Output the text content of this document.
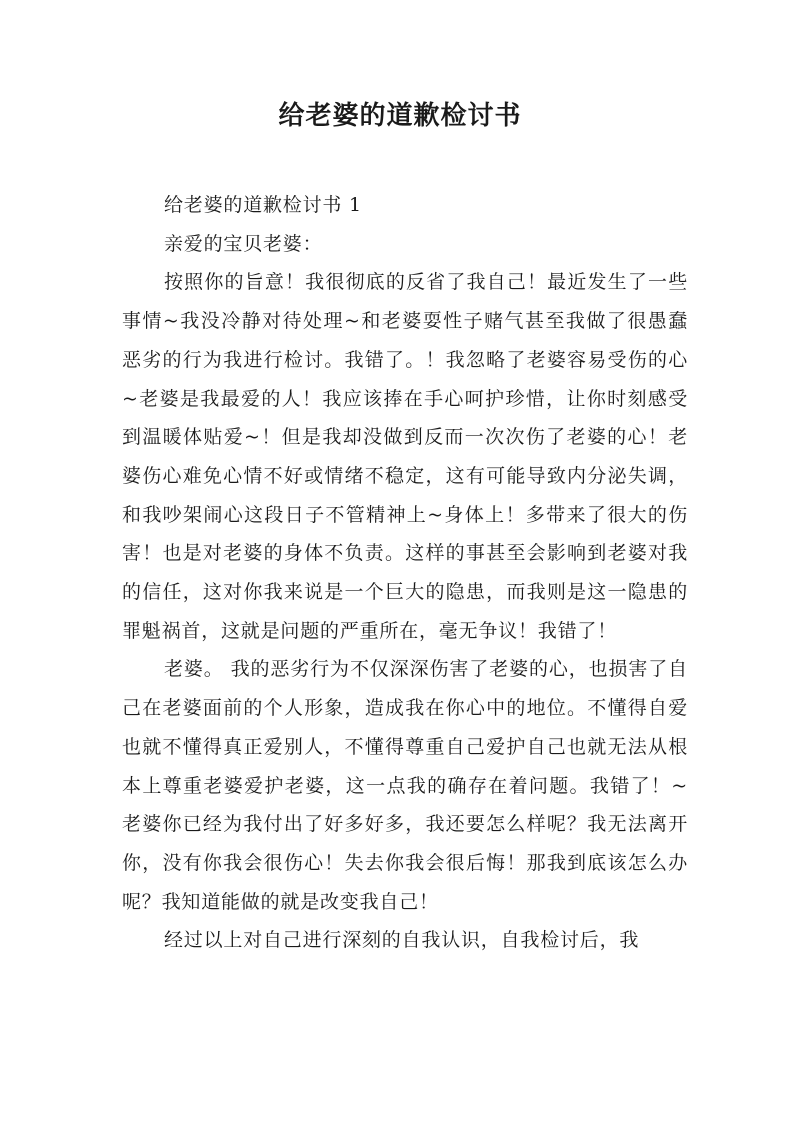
给老婆的道歉检讨书

给老婆的道歉检讨书 1

亲爱的宝贝老婆：

按照你的旨意！我很彻底的反省了我自己！最近发生了一些事情~我没冷静对待处理~和老婆耍性子赌气甚至我做了很愚蠢恶劣的行为我进行检讨。我错了。！我忽略了老婆容易受伤的心~老婆是我最爱的人！我应该捧在手心呵护珍惜，让你时刻感受到温暖体贴爱~！但是我却没做到反而一次次伤了老婆的心！老婆伤心难免心情不好或情绪不稳定，这有可能导致内分泌失调，和我吵架闹心这段日子不管精神上~身体上！多带来了很大的伤害！也是对老婆的身体不负责。这样的事甚至会影响到老婆对我的信任，这对你我来说是一个巨大的隐患，而我则是这一隐患的罪魁祸首，这就是问题的严重所在，毫无争议！我错了！

老婆。 我的恶劣行为不仅深深伤害了老婆的心，也损害了自己在老婆面前的个人形象，造成我在你心中的地位。不懂得自爱也就不懂得真正爱别人，不懂得尊重自己爱护自己也就无法从根本上尊重老婆爱护老婆，这一点我的确存在着问题。我错了！~老婆你已经为我付出了好多好多，我还要怎么样呢？我无法离开你，没有你我会很伤心！失去你我会很后悔！那我到底该怎么办呢？我知道能做的就是改变我自己！

经过以上对自己进行深刻的自我认识，自我检讨后，我
